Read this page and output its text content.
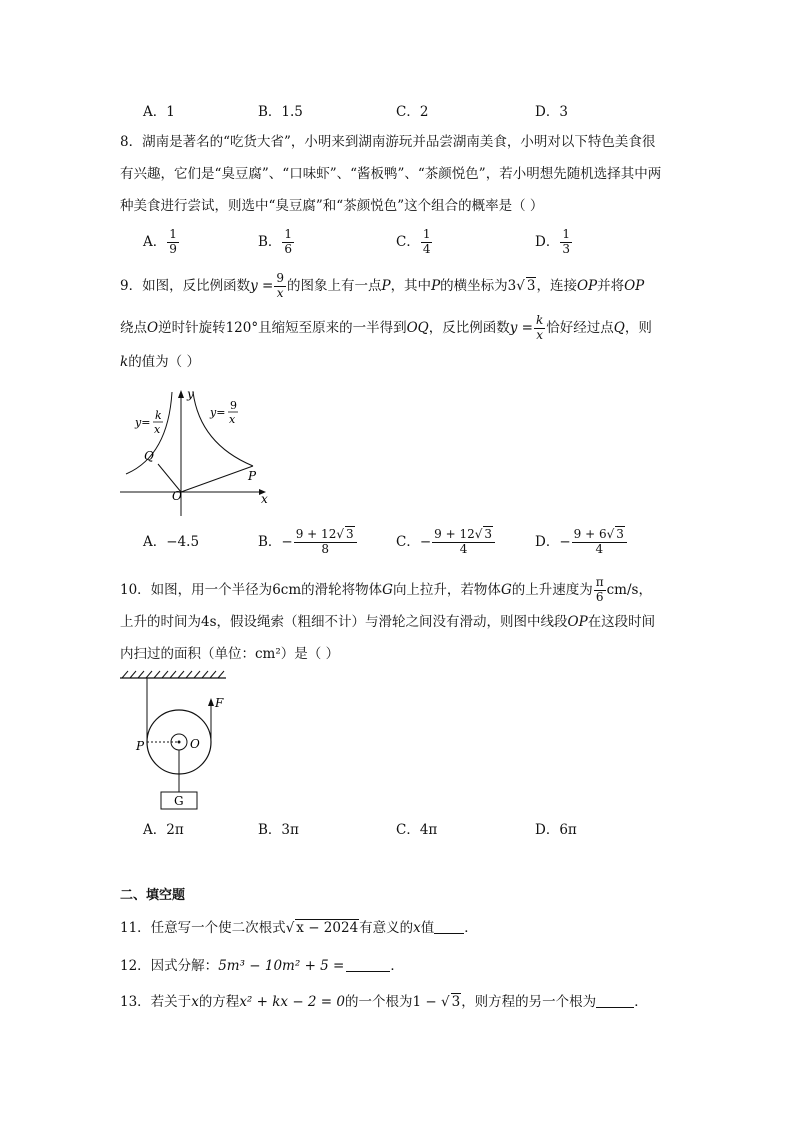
A．1	B．1.5	C．2	D．3
8．湖南是著名的“吃货大省”，小明来到湖南游玩并品尝湖南美食，小明对以下特色美食很
有兴趣，它们是“臭豆腐”、“口味虾”、“酱板鸭”、“茶颜悦色”，若小明想先随机选择其中两
种美食进行尝试，则选中“臭豆腐”和“茶颜悦色”这个组合的概率是（ ）
A． $\frac{1}{9}$	B． $\frac{1}{6}$	C． $\frac{1}{4}$	D． $\frac{1}{3}$
9．如图，反比例函数$y = \frac{9}{x}$ 的图象上有一点P，其中P的横坐标为3√ 3，连接OP并将OP
绕点O逆时针旋转120°且缩短至原来的一半得到OQ，反比例函数$y = \frac{k}{x}$ 恰好经过点Q，则
k的值为（ ）
y
x
O
Q
P
y=
k
x
y=
9
x
A．−4.5	B．− $\frac{9 + 12√ 3}{8}$	C．− $\frac{9 + 12√ 3}{4}$	D．− $\frac{9 + 6√ 3}{4}$
10．如图，用一个半径为6cm的滑轮将物体G向上拉升，若物体G的上升速度为 $\frac{\pi}{6} cm/s$，
上升的时间为4s，假设绳索（粗细不计）与滑轮之间没有滑动，则图中线段OP在这段时间
内扫过的面积（单位：cm²）是（ ）
F
P	O
G
A．2π	B．3π	C．4π	D．6π
二、填空题
11．任意写一个使二次根式√ x − 2024有意义的x值 ．
12．因式分解：5m³ − 10m² + 5 =	．
13．若关于x的方程x² + kx − 2 = 0的一个根为1 − √ 3，则方程的另一个根为	．
